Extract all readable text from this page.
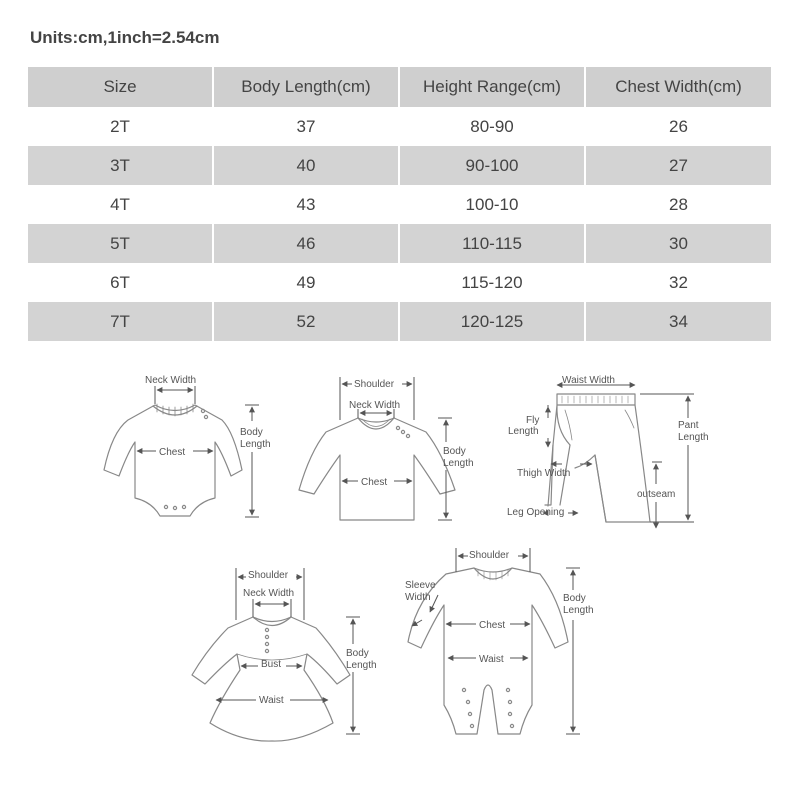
Units:cm,1inch=2.54cm
Size	Body Length(cm)	Height Range(cm)	Chest Width(cm)
2T	37	80-90	26
3T	40	90-100	27
4T	43	100-10	28
5T	46	110-115	30
6T	49	115-120	32
7T	52	120-125	34
Neck Width
Chest
Body
Length
Shoulder
Neck Width
Chest
Body
Length
Waist Width
Fly
Length
Pant
Length
Thigh Width
outseam
Leg Opening
Shoulder
Neck Width
Bust
Waist
Body
Length
Shoulder
Sleeve
Width
Chest
Waist
Body
Length
